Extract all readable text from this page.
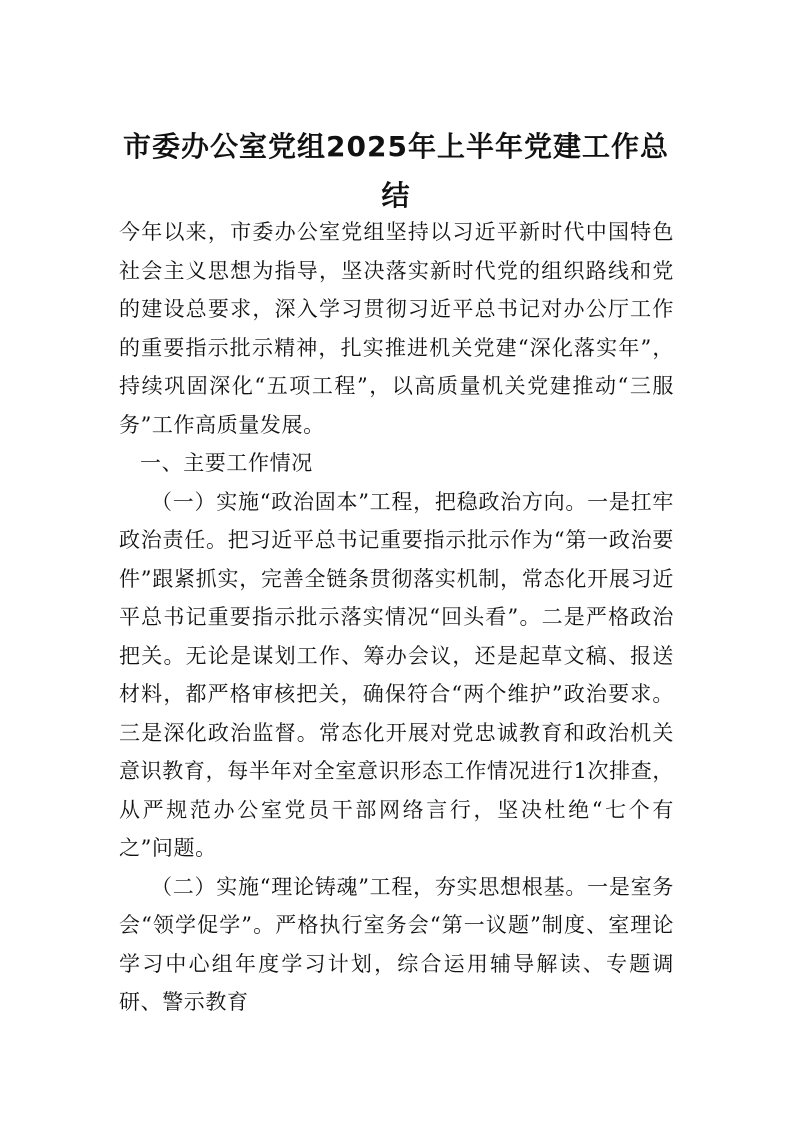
市委办公室党组2025年上半年党建工作总结

今年以来，市委办公室党组坚持以习近平新时代中国特色社会主义思想为指导，坚决落实新时代党的组织路线和党的建设总要求，深入学习贯彻习近平总书记对办公厅工作的重要指示批示精神，扎实推进机关党建“深化落实年”，持续巩固深化“五项工程”，以高质量机关党建推动“三服务”工作高质量发展。

一、主要工作情况

（一）实施“政治固本”工程，把稳政治方向。一是扛牢政治责任。把习近平总书记重要指示批示作为“第一政治要件”跟紧抓实，完善全链条贯彻落实机制，常态化开展习近平总书记重要指示批示落实情况“回头看”。二是严格政治把关。无论是谋划工作、筹办会议，还是起草文稿、报送材料，都严格审核把关，确保符合“两个维护”政治要求。三是深化政治监督。常态化开展对党忠诚教育和政治机关意识教育，每半年对全室意识形态工作情况进行1次排查，从严规范办公室党员干部网络言行，坚决杜绝“七个有之”问题。

（二）实施“理论铸魂”工程，夯实思想根基。一是室务会“领学促学”。严格执行室务会“第一议题”制度、室理论学习中心组年度学习计划，综合运用辅导解读、专题调研、警示教育
